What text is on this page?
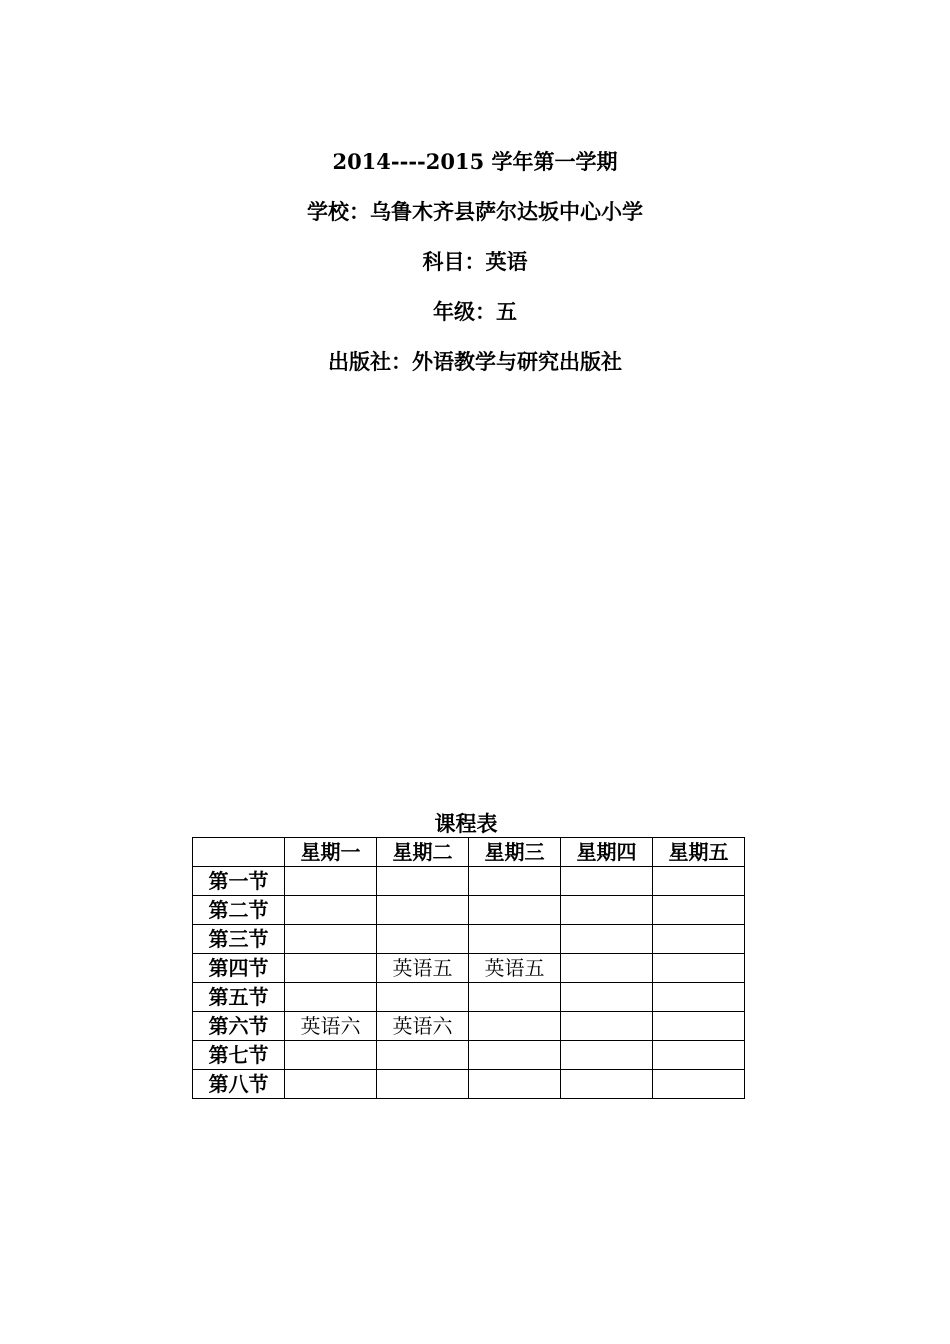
2014----2015 学年第一学期
学校：乌鲁木齐县萨尔达坂中心小学
科目：英语
年级：五
出版社：外语教学与研究出版社
课程表
	星期一	星期二	星期三	星期四	星期五
第一节					
第二节					
第三节					
第四节		英语五	英语五		
第五节					
第六节	英语六	英语六			
第七节					
第八节					
